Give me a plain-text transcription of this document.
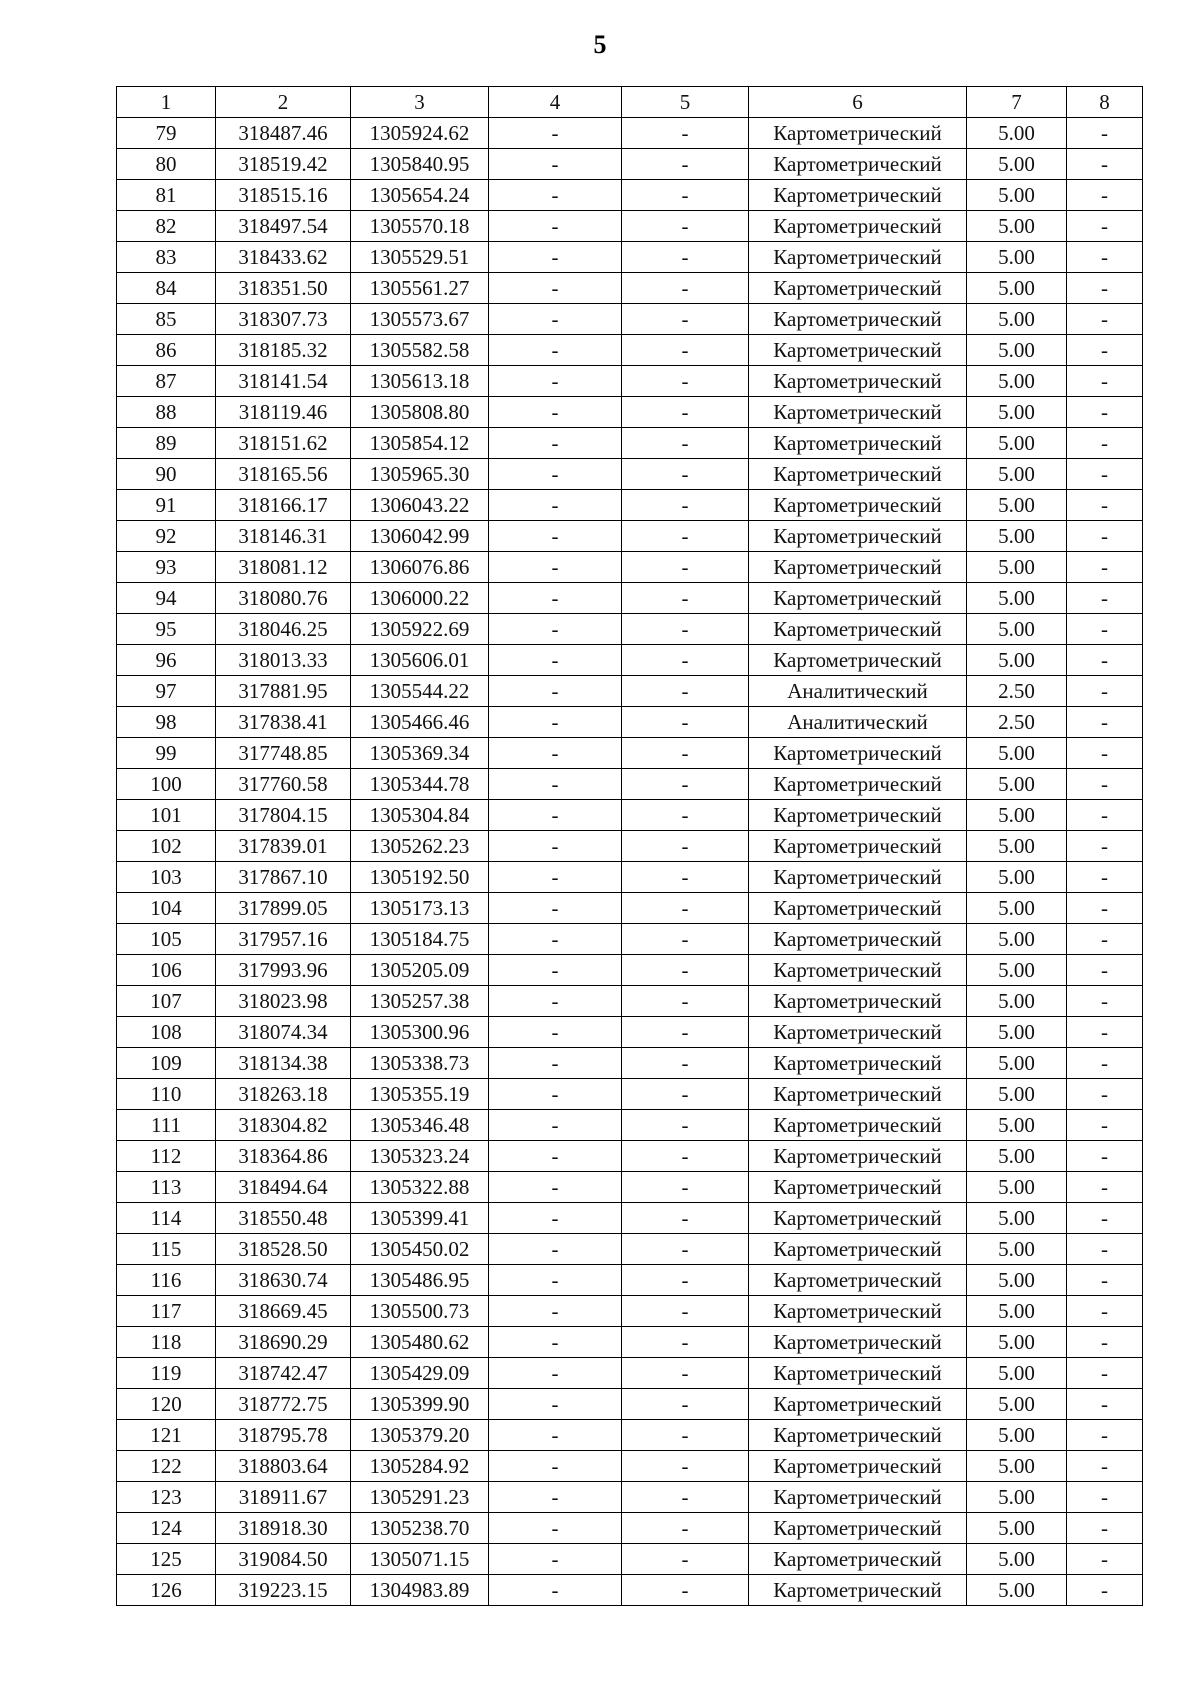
5
1	2	3	4	5	6	7	8
79	318487.46	1305924.62	-	-	Картометрический	5.00	-
80	318519.42	1305840.95	-	-	Картометрический	5.00	-
81	318515.16	1305654.24	-	-	Картометрический	5.00	-
82	318497.54	1305570.18	-	-	Картометрический	5.00	-
83	318433.62	1305529.51	-	-	Картометрический	5.00	-
84	318351.50	1305561.27	-	-	Картометрический	5.00	-
85	318307.73	1305573.67	-	-	Картометрический	5.00	-
86	318185.32	1305582.58	-	-	Картометрический	5.00	-
87	318141.54	1305613.18	-	-	Картометрический	5.00	-
88	318119.46	1305808.80	-	-	Картометрический	5.00	-
89	318151.62	1305854.12	-	-	Картометрический	5.00	-
90	318165.56	1305965.30	-	-	Картометрический	5.00	-
91	318166.17	1306043.22	-	-	Картометрический	5.00	-
92	318146.31	1306042.99	-	-	Картометрический	5.00	-
93	318081.12	1306076.86	-	-	Картометрический	5.00	-
94	318080.76	1306000.22	-	-	Картометрический	5.00	-
95	318046.25	1305922.69	-	-	Картометрический	5.00	-
96	318013.33	1305606.01	-	-	Картометрический	5.00	-
97	317881.95	1305544.22	-	-	Аналитический	2.50	-
98	317838.41	1305466.46	-	-	Аналитический	2.50	-
99	317748.85	1305369.34	-	-	Картометрический	5.00	-
100	317760.58	1305344.78	-	-	Картометрический	5.00	-
101	317804.15	1305304.84	-	-	Картометрический	5.00	-
102	317839.01	1305262.23	-	-	Картометрический	5.00	-
103	317867.10	1305192.50	-	-	Картометрический	5.00	-
104	317899.05	1305173.13	-	-	Картометрический	5.00	-
105	317957.16	1305184.75	-	-	Картометрический	5.00	-
106	317993.96	1305205.09	-	-	Картометрический	5.00	-
107	318023.98	1305257.38	-	-	Картометрический	5.00	-
108	318074.34	1305300.96	-	-	Картометрический	5.00	-
109	318134.38	1305338.73	-	-	Картометрический	5.00	-
110	318263.18	1305355.19	-	-	Картометрический	5.00	-
111	318304.82	1305346.48	-	-	Картометрический	5.00	-
112	318364.86	1305323.24	-	-	Картометрический	5.00	-
113	318494.64	1305322.88	-	-	Картометрический	5.00	-
114	318550.48	1305399.41	-	-	Картометрический	5.00	-
115	318528.50	1305450.02	-	-	Картометрический	5.00	-
116	318630.74	1305486.95	-	-	Картометрический	5.00	-
117	318669.45	1305500.73	-	-	Картометрический	5.00	-
118	318690.29	1305480.62	-	-	Картометрический	5.00	-
119	318742.47	1305429.09	-	-	Картометрический	5.00	-
120	318772.75	1305399.90	-	-	Картометрический	5.00	-
121	318795.78	1305379.20	-	-	Картометрический	5.00	-
122	318803.64	1305284.92	-	-	Картометрический	5.00	-
123	318911.67	1305291.23	-	-	Картометрический	5.00	-
124	318918.30	1305238.70	-	-	Картометрический	5.00	-
125	319084.50	1305071.15	-	-	Картометрический	5.00	-
126	319223.15	1304983.89	-	-	Картометрический	5.00	-
